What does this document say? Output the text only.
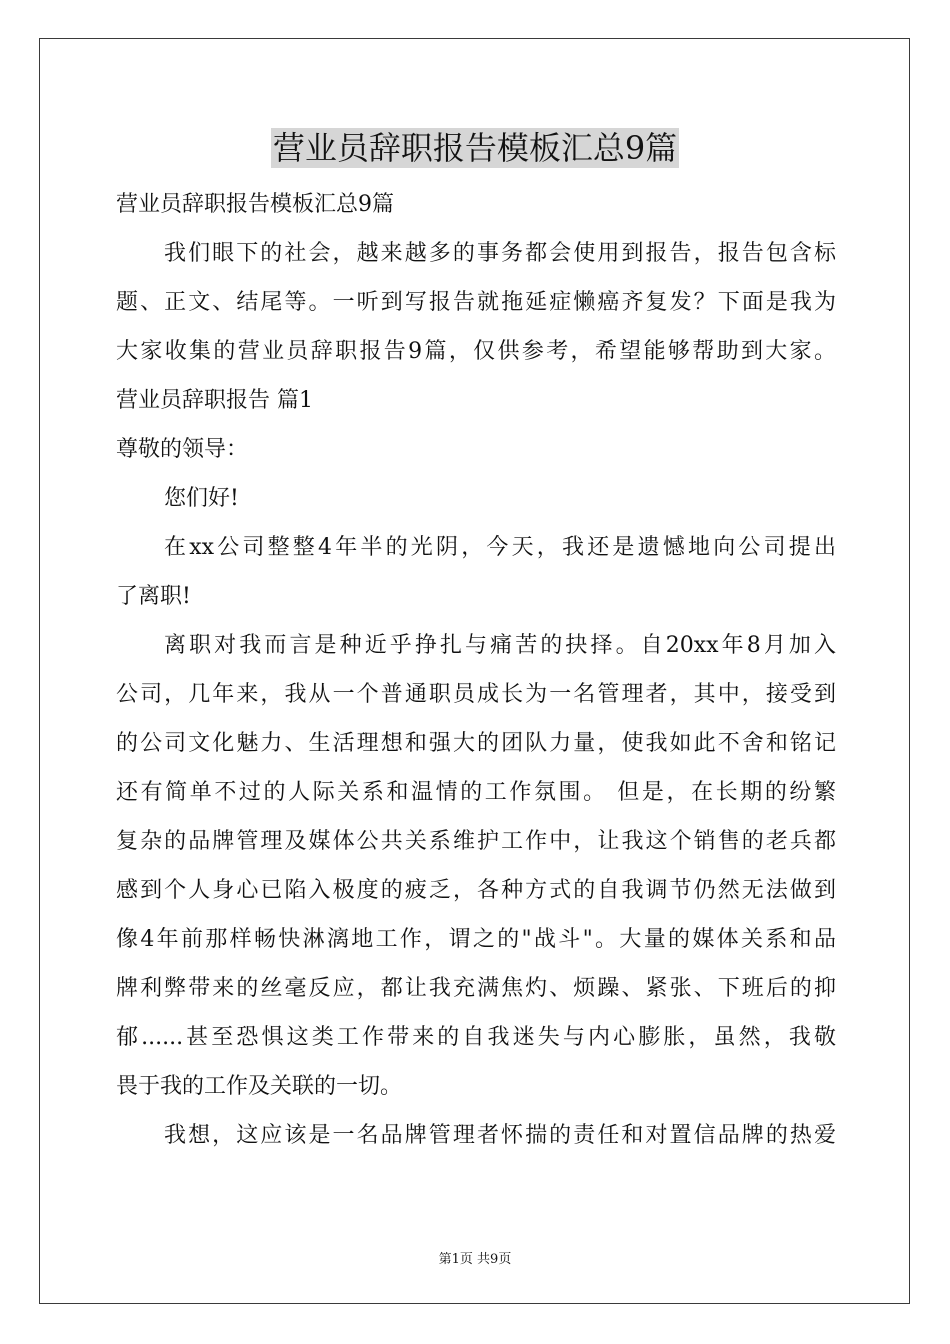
营业员辞职报告模板汇总9篇
营业员辞职报告模板汇总9篇
我们眼下的社会，越来越多的事务都会使用到报告，报告包含标
题、正文、结尾等。一听到写报告就拖延症懒癌齐复发？下面是我为
大家收集的营业员辞职报告9篇，仅供参考，希望能够帮助到大家。
营业员辞职报告 篇1
尊敬的领导：
您们好!
在xx公司整整4年半的光阴，今天，我还是遗憾地向公司提出
了离职!
离职对我而言是种近乎挣扎与痛苦的抉择。自20xx年8月加入
公司，几年来，我从一个普通职员成长为一名管理者，其中，接受到
的公司文化魅力、生活理想和强大的团队力量，使我如此不舍和铭记
还有简单不过的人际关系和温情的工作氛围。 但是，在长期的纷繁
复杂的品牌管理及媒体公共关系维护工作中，让我这个销售的老兵都
感到个人身心已陷入极度的疲乏，各种方式的自我调节仍然无法做到
像4年前那样畅快淋漓地工作，谓之的"战斗"。大量的媒体关系和品
牌利弊带来的丝毫反应，都让我充满焦灼、烦躁、紧张、下班后的抑
郁......甚至恐惧这类工作带来的自我迷失与内心膨胀，虽然，我敬
畏于我的工作及关联的一切。
我想，这应该是一名品牌管理者怀揣的责任和对置信品牌的热爱
第1页 共9页
